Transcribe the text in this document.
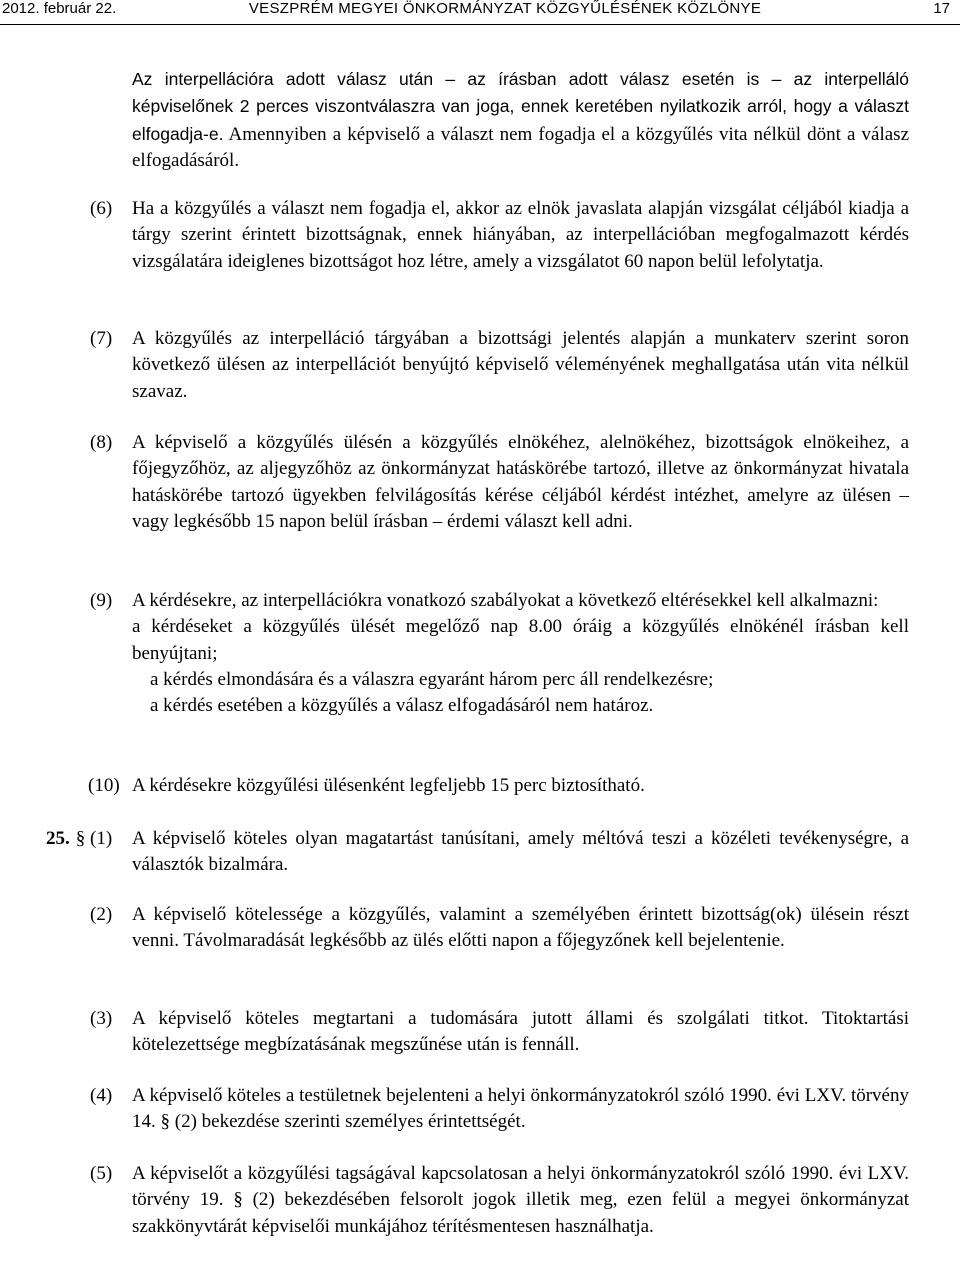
2012. február 22.	VESZPRÉM MEGYEI ÖNKORMÁNYZAT KÖZGYŰLÉSÉNEK KÖZLÖNYE	17
Az interpellációra adott válasz után – az írásban adott válasz esetén is – az interpelláló képviselőnek 2 perces viszontválaszra van joga, ennek keretében nyilatkozik arról, hogy a választ elfogadja-e. Amennyiben a képviselő a választ nem fogadja el a közgyűlés vita nélkül dönt a válasz elfogadásáról.
(6)	Ha a közgyűlés a választ nem fogadja el, akkor az elnök javaslata alapján vizsgálat céljából kiadja a tárgy szerint érintett bizottságnak, ennek hiányában, az interpellációban megfogalmazott kérdés vizsgálatára ideiglenes bizottságot hoz létre, amely a vizsgálatot 60 napon belül lefolytatja.
(7)	A közgyűlés az interpelláció tárgyában a bizottsági jelentés alapján a munkaterv szerint soron következő ülésen az interpellációt benyújtó képviselő véleményének meghallgatása után vita nélkül szavaz.
(8)	A képviselő a közgyűlés ülésén a közgyűlés elnökéhez, alelnökéhez, bizottságok elnökeihez, a főjegyzőhöz, az aljegyzőhöz az önkormányzat hatáskörébe tartozó, illetve az önkormányzat hivatala hatáskörébe tartozó ügyekben felvilágosítás kérése céljából kérdést intézhet, amelyre az ülésen – vagy legkésőbb 15 napon belül írásban – érdemi választ kell adni.
(9)	A kérdésekre, az interpellációkra vonatkozó szabályokat a következő eltérésekkel kell alkalmazni:
a kérdéseket a közgyűlés ülését megelőző nap 8.00 óráig a közgyűlés elnökénél írásban kell benyújtani;
a kérdés elmondására és a válaszra egyaránt három perc áll rendelkezésre;
a kérdés esetében a közgyűlés a válasz elfogadásáról nem határoz.
(10) A kérdésekre közgyűlési ülésenként legfeljebb 15 perc biztosítható.
25. § (1)	A képviselő köteles olyan magatartást tanúsítani, amely méltóvá teszi a közéleti tevékenységre, a választók bizalmára.
(2)	A képviselő kötelessége a közgyűlés, valamint a személyében érintett bizottság(ok) ülésein részt venni. Távolmaradását legkésőbb az ülés előtti napon a főjegyzőnek kell bejelentenie.
(3)	A képviselő köteles megtartani a tudomására jutott állami és szolgálati titkot. Titoktartási kötelezettsége megbízatásának megszűnése után is fennáll.
(4)	A képviselő köteles a testületnek bejelenteni a helyi önkormányzatokról szóló 1990. évi LXV. törvény 14. § (2) bekezdése szerinti személyes érintettségét.
(5)	A képviselőt a közgyűlési tagságával kapcsolatosan a helyi önkormányzatokról szóló 1990. évi LXV. törvény 19. § (2) bekezdésében felsorolt jogok illetik meg, ezen felül a megyei önkormányzat szakkönyvtárát képviselői munkájához térítésmentesen használhatja.
